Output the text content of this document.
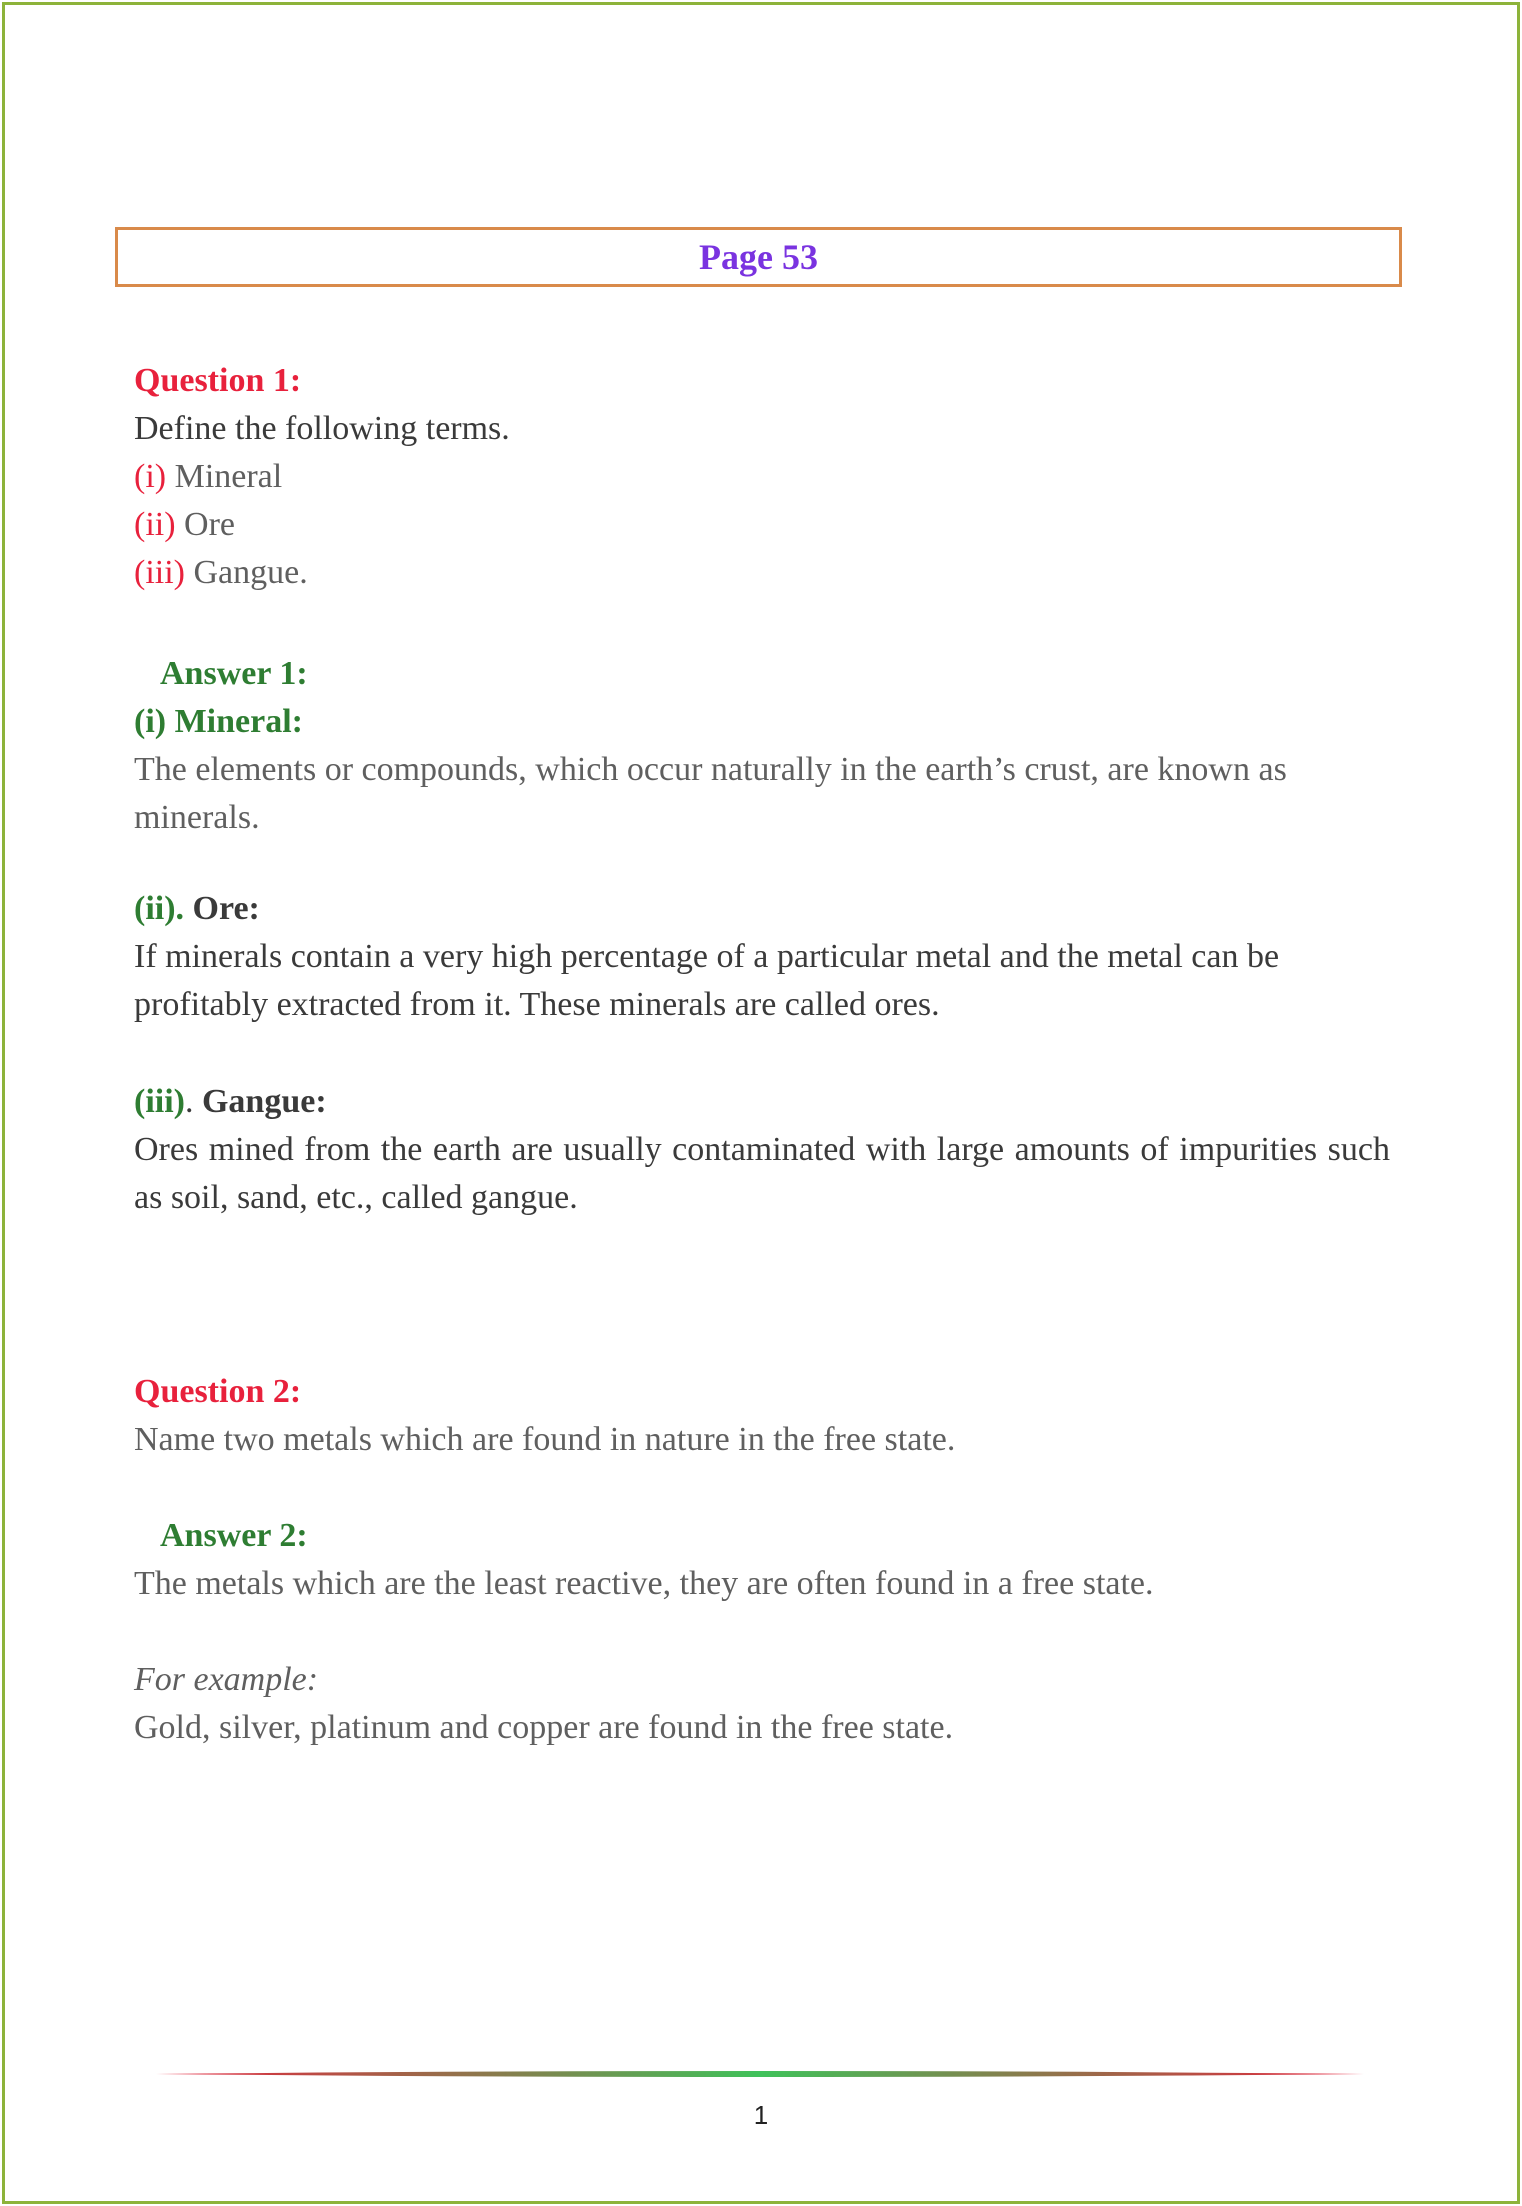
Page 53
Question 1:
Define the following terms.
(i) Mineral
(ii) Ore
(iii) Gangue.
Answer 1:
(i) Mineral:
The elements or compounds, which occur naturally in the earth’s crust, are known as minerals.
(ii). Ore:
If minerals contain a very high percentage of a particular metal and the metal can be profitably extracted from it. These minerals are called ores.
(iii). Gangue:
Ores mined from the earth are usually contaminated with large amounts of impurities such as soil, sand, etc., called gangue.
Question 2:
Name two metals which are found in nature in the free state.
Answer 2:
The metals which are the least reactive, they are often found in a free state.
For example:
Gold, silver, platinum and copper are found in the free state.
1
